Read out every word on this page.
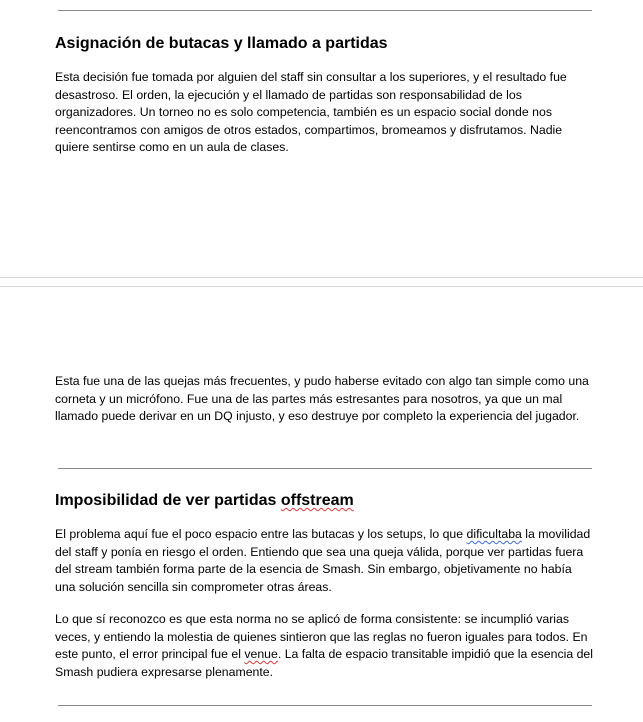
Asignación de butacas y llamado a partidas

Esta decisión fue tomada por alguien del staff sin consultar a los superiores, y el resultado fue desastroso. El orden, la ejecución y el llamado de partidas son responsabilidad de los organizadores. Un torneo no es solo competencia, también es un espacio social donde nos reencontramos con amigos de otros estados, compartimos, bromeamos y disfrutamos. Nadie quiere sentirse como en un aula de clases.

Esta fue una de las quejas más frecuentes, y pudo haberse evitado con algo tan simple como una corneta y un micrófono. Fue una de las partes más estresantes para nosotros, ya que un mal llamado puede derivar en un DQ injusto, y eso destruye por completo la experiencia del jugador.

Imposibilidad de ver partidas offstream

El problema aquí fue el poco espacio entre las butacas y los setups, lo que dificultaba la movilidad del staff y ponía en riesgo el orden. Entiendo que sea una queja válida, porque ver partidas fuera del stream también forma parte de la esencia de Smash. Sin embargo, objetivamente no había una solución sencilla sin comprometer otras áreas.

Lo que sí reconozco es que esta norma no se aplicó de forma consistente: se incumplió varias veces, y entiendo la molestia de quienes sintieron que las reglas no fueron iguales para todos. En este punto, el error principal fue el venue. La falta de espacio transitable impidió que la esencia del Smash pudiera expresarse plenamente.
